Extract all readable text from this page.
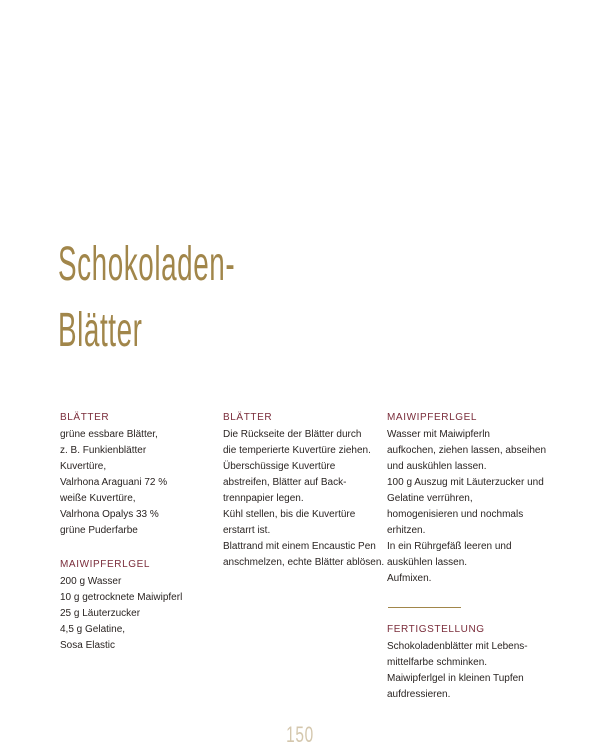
Schokoladen-
Blätter
BLÄTTER
grüne essbare Blätter,
z. B. Funkienblätter
Kuvertüre,
Valrhona Araguani 72 %
weiße Kuvertüre,
Valrhona Opalys 33 %
grüne Puderfarbe
MAIWIPFERLGEL
200 g Wasser
10 g getrocknete Maiwipferl
25 g Läuterzucker
4,5 g Gelatine,
Sosa Elastic
BLÄTTER
Die Rückseite der Blätter durch
die temperierte Kuvertüre ziehen.
Überschüssige Kuvertüre
abstreifen, Blätter auf Back-
trennpapier legen.
Kühl stellen, bis die Kuvertüre
erstarrt ist.
Blattrand mit einem Encaustic Pen
anschmelzen, echte Blätter ablösen.
MAIWIPFERLGEL
Wasser mit Maiwipferln
aufkochen, ziehen lassen, abseihen
und auskühlen lassen.
100 g Auszug mit Läuterzucker und
Gelatine verrühren,
homogenisieren und nochmals
erhitzen.
In ein Rührgefäß leeren und
auskühlen lassen.
Aufmixen.
FERTIGSTELLUNG
Schokoladenblätter mit Lebens-
mittelfarbe schminken.
Maiwipferlgel in kleinen Tupfen
aufdressieren.
150
